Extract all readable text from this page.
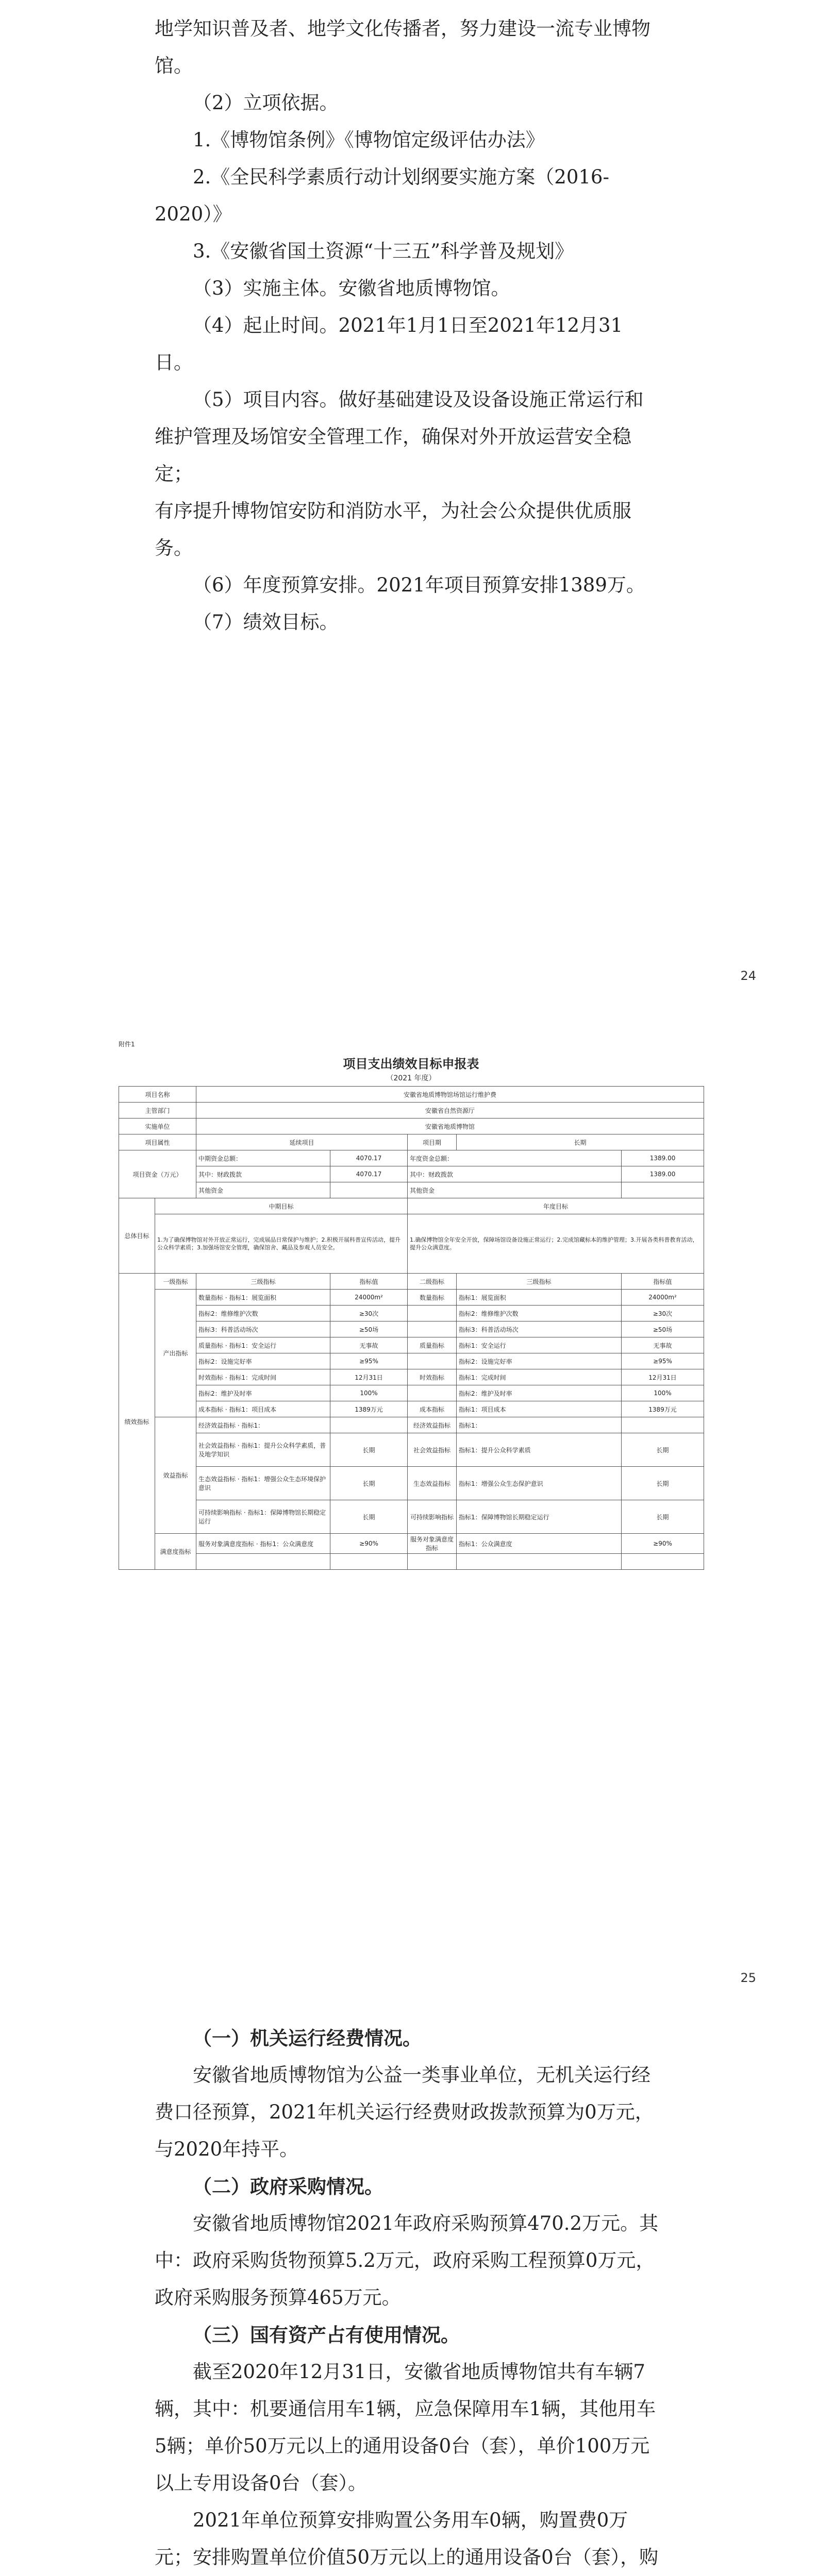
地学知识普及者、地学文化传播者，努力建设一流专业博物

馆。

（2）立项依据。

1.《博物馆条例》《博物馆定级评估办法》

2.《全民科学素质行动计划纲要实施方案（2016-2020）》

3.《安徽省国土资源“十三五”科学普及规划》

（3）实施主体。安徽省地质博物馆。

（4）起止时间。2021年1月1日至2021年12月31日。

（5）项目内容。做好基础建设及设备设施正常运行和

维护管理及场馆安全管理工作，确保对外开放运营安全稳定；

有序提升博物馆安防和消防水平，为社会公众提供优质服务。

（6）年度预算安排。2021年项目预算安排1389万。

（7）绩效目标。

24
附件1
项目支出绩效目标申报表
（2021 年度）
项目名称		安徽省地质博物馆场馆运行维护费				
主管部门		安徽省自然资源厅				
实施单位		安徽省地质博物馆				
项目属性		延续项目		项目期	长期	
项目资金（万元）		中期资金总额：	4070.17	年度资金总额：		1389.00
		其中：财政拨款	4070.17	其中：财政拨款		1389.00
		其他资金		其他资金		
总体目标	中期目标			年度目标		
	1.为了确保博物馆对外开放正常运行，完成展品日常保护与维护；2.积极开展科普宣传活动，提升公众科学素质；3.加强场馆安全管理，确保馆舍、藏品及参观人员安全。			1.确保博物馆全年安全开放，保障场馆设备设施正常运行；2.完成馆藏标本的维护管理；3.开展各类科普教育活动，提升公众满意度。		
绩效指标	一级指标	三级指标	指标值	二级指标	三级指标	指标值
	产出指标	数量指标 · 指标1：展览面积	24000m²	数量指标	指标1：展览面积	24000m²
		指标2：维修维护次数	≥30次		指标2：维修维护次数	≥30次
		指标3：科普活动场次	≥50场		指标3：科普活动场次	≥50场
		质量指标 · 指标1：安全运行	无事故	质量指标	指标1：安全运行	无事故
		指标2：设施完好率	≥95%		指标2：设施完好率	≥95%
		时效指标 · 指标1：完成时间	12月31日	时效指标	指标1：完成时间	12月31日
		指标2：维护及时率	100%		指标2：维护及时率	100%
		成本指标 · 指标1：项目成本	1389万元	成本指标	指标1：项目成本	1389万元
	效益指标	经济效益指标 · 指标1：		经济效益指标	指标1：	
		社会效益指标 · 指标1：提升公众科学素质，普及地学知识	长期	社会效益指标	指标1：提升公众科学素质	长期
		生态效益指标 · 指标1：增强公众生态环境保护意识	长期	生态效益指标	指标1：增强公众生态保护意识	长期
		可持续影响指标 · 指标1：保障博物馆长期稳定运行	长期	可持续影响指标	指标1：保障博物馆长期稳定运行	长期
	满意度指标	服务对象满意度指标 · 指标1：公众满意度	≥90%	服务对象满意度指标	指标1：公众满意度	≥90%

25

（一）机关运行经费情况。

安徽省地质博物馆为公益一类事业单位，无机关运行经费口径预算，2021年机关运行经费财政拨款预算为0万元，与2020年持平。

（二）政府采购情况。

安徽省地质博物馆2021年政府采购预算470.2万元。其中：政府采购货物预算5.2万元，政府采购工程预算0万元，政府采购服务预算465万元。

（三）国有资产占有使用情况。

截至2020年12月31日，安徽省地质博物馆共有车辆7辆，其中：机要通信用车1辆，应急保障用车1辆，其他用车5辆；单价50万元以上的通用设备0台（套），单价100万元以上专用设备0台（套）。

2021年单位预算安排购置公务用车0辆，购置费0万元；安排购置单位价值50万元以上的通用设备0台（套），购
